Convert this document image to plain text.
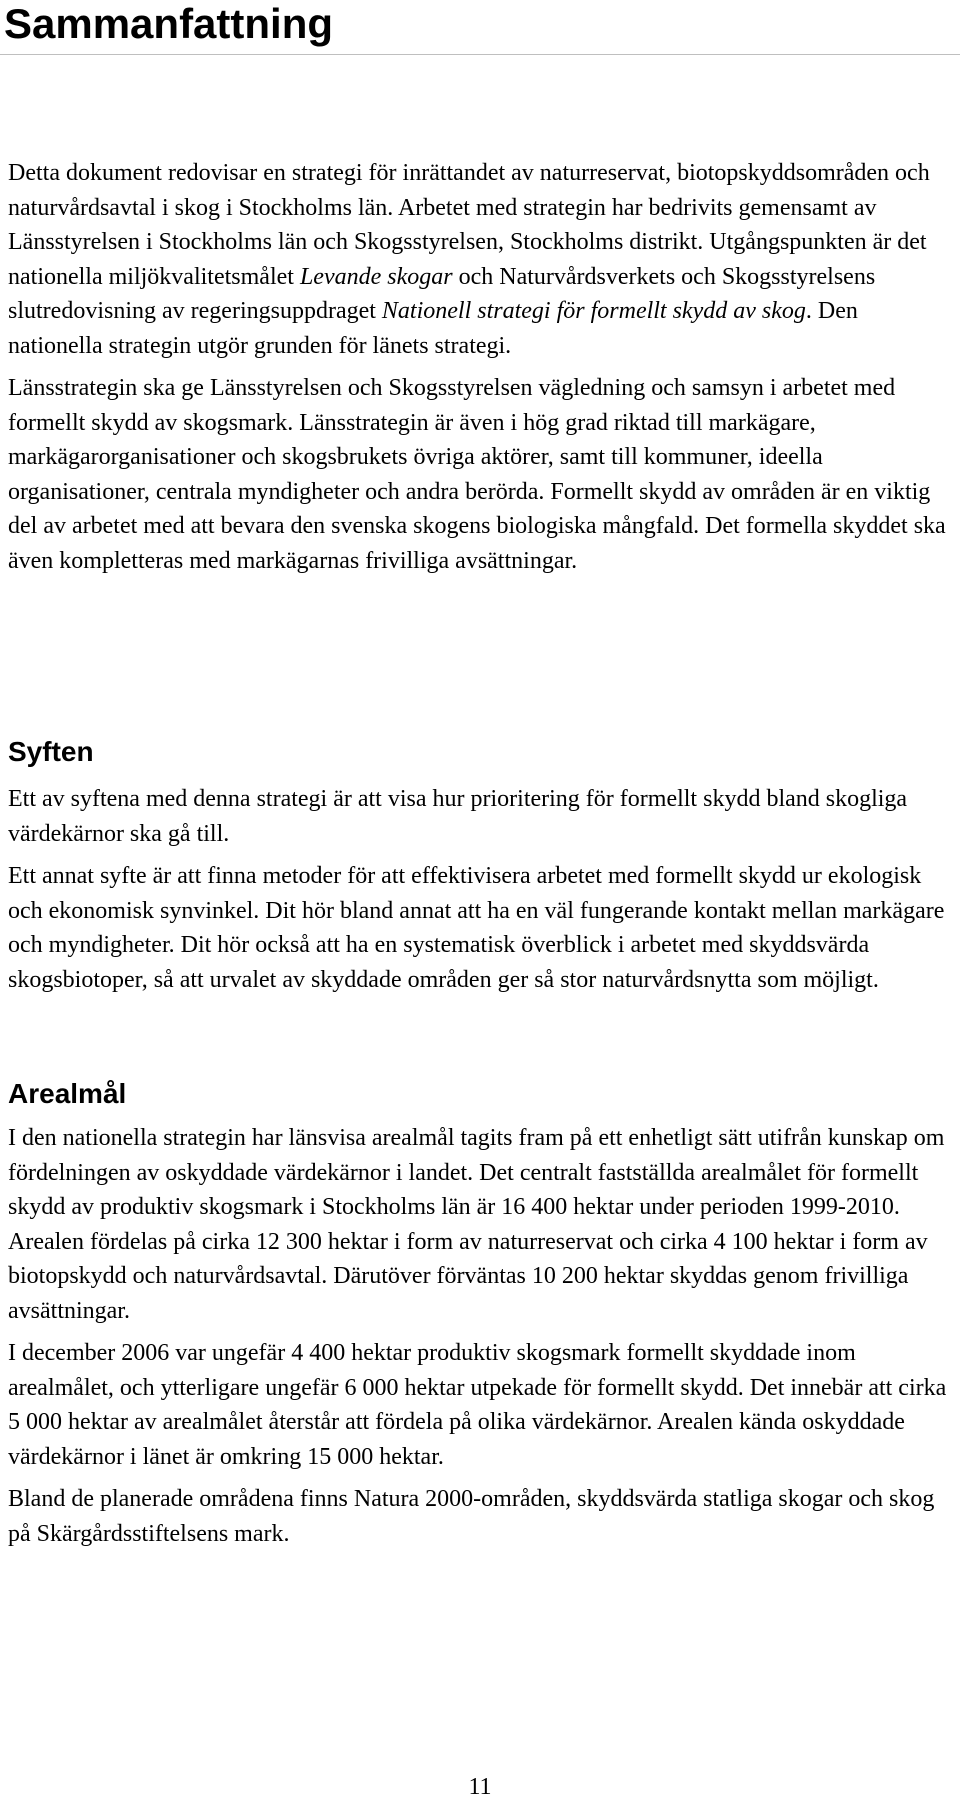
Sammanfattning

Detta dokument redovisar en strategi för inrättandet av naturreservat, biotopskyddsområden och naturvårdsavtal i skog i Stockholms län. Arbetet med strategin har bedrivits gemensamt av Länsstyrelsen i Stockholms län och Skogsstyrelsen, Stockholms distrikt. Utgångspunkten är det nationella miljökvalitetsmålet Levande skogar och Naturvårdsverkets och Skogsstyrelsens slutredovisning av regeringsuppdraget Nationell strategi för formellt skydd av skog. Den nationella strategin utgör grunden för länets strategi.

Länsstrategin ska ge Länsstyrelsen och Skogsstyrelsen vägledning och samsyn i arbetet med formellt skydd av skogsmark. Länsstrategin är även i hög grad riktad till markägare, markägarorganisationer och skogsbrukets övriga aktörer, samt till kommuner, ideella organisationer, centrala myndigheter och andra berörda. Formellt skydd av områden är en viktig del av arbetet med att bevara den svenska skogens biologiska mångfald. Det formella skyddet ska även kompletteras med markägarnas frivilliga avsättningar.

Syften

Ett av syftena med denna strategi är att visa hur prioritering för formellt skydd bland skogliga värdekärnor ska gå till.

Ett annat syfte är att finna metoder för att effektivisera arbetet med formellt skydd ur ekologisk och ekonomisk synvinkel. Dit hör bland annat att ha en väl fungerande kontakt mellan markägare och myndigheter. Dit hör också att ha en systematisk överblick i arbetet med skyddsvärda skogsbiotoper, så att urvalet av skyddade områden ger så stor naturvårdsnytta som möjligt.

Arealmål

I den nationella strategin har länsvisa arealmål tagits fram på ett enhetligt sätt utifrån kunskap om fördelningen av oskyddade värdekärnor i landet. Det centralt fastställda arealmålet för formellt skydd av produktiv skogsmark i Stockholms län är 16 400 hektar under perioden 1999-2010. Arealen fördelas på cirka 12 300 hektar i form av naturreservat och cirka 4 100 hektar i form av biotopskydd och naturvårdsavtal. Därutöver förväntas 10 200 hektar skyddas genom frivilliga avsättningar.

I december 2006 var ungefär 4 400 hektar produktiv skogsmark formellt skyddade inom arealmålet, och ytterligare ungefär 6 000 hektar utpekade för formellt skydd. Det innebär att cirka 5 000 hektar av arealmålet återstår att fördela på olika värdekärnor. Arealen kända oskyddade värdekärnor i länet är omkring 15 000 hektar.

Bland de planerade områdena finns Natura 2000-områden, skyddsvärda statliga skogar och skog på Skärgårdsstiftelsens mark.

11
